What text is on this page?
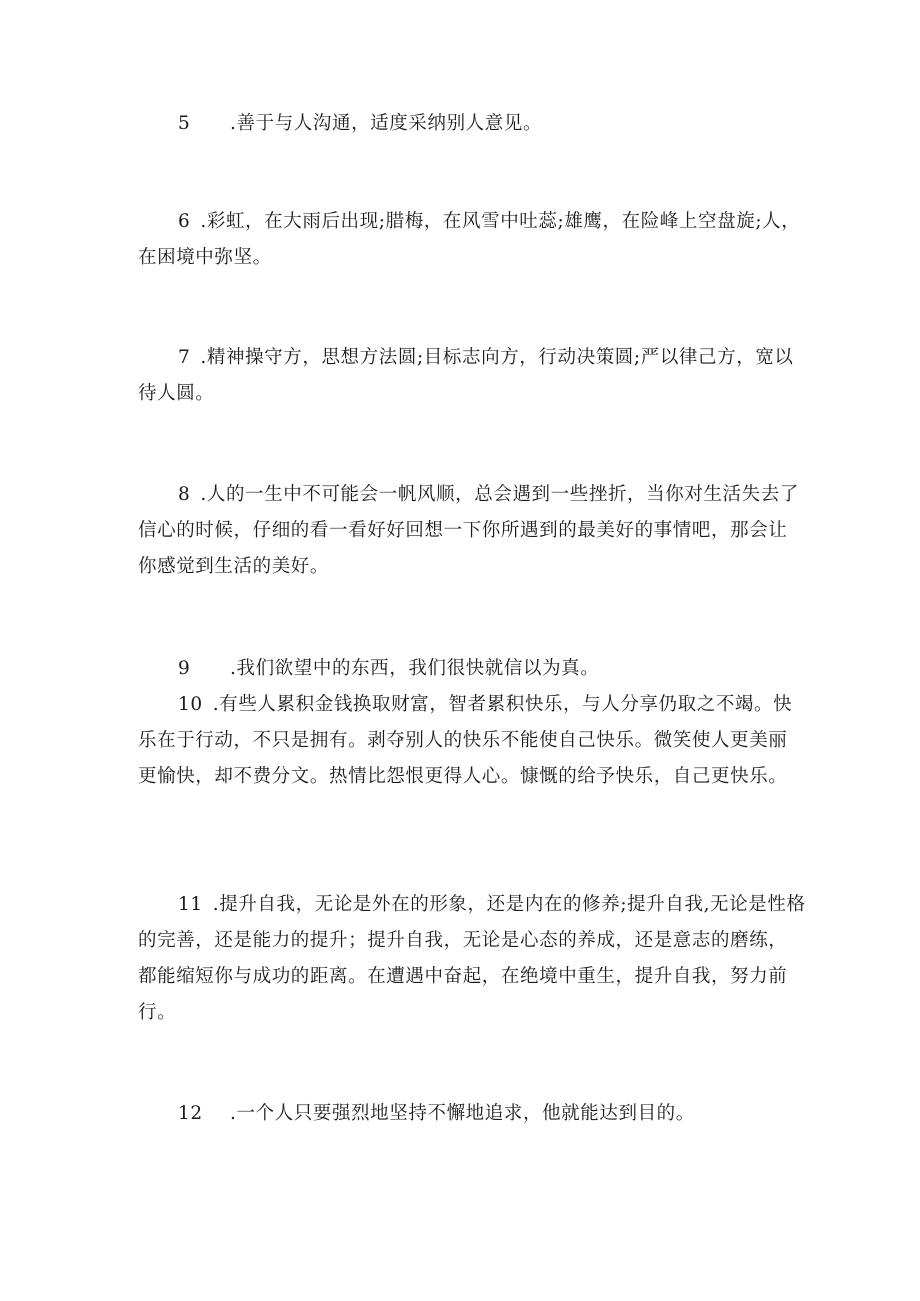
5 .善于与人沟通，适度采纳别人意见。
6 .彩虹，在大雨后出现;腊梅，在风雪中吐蕊;雄鹰，在险峰上空盘旋;人，在困境中弥坚。
7 .精神操守方，思想方法圆;目标志向方，行动决策圆;严以律己方，宽以待人圆。
8 .人的一生中不可能会一帆风顺，总会遇到一些挫折，当你对生活失去了信心的时候，仔细的看一看好好回想一下你所遇到的最美好的事情吧，那会让你感觉到生活的美好。
9 .我们欲望中的东西，我们很快就信以为真。
10 .有些人累积金钱换取财富，智者累积快乐，与人分享仍取之不竭。快乐在于行动，不只是拥有。剥夺别人的快乐不能使自己快乐。微笑使人更美丽更愉快，却不费分文。热情比怨恨更得人心。慷慨的给予快乐，自己更快乐。
11 .提升自我，无论是外在的形象，还是内在的修养;提升自我,无论是性格的完善，还是能力的提升；提升自我，无论是心态的养成，还是意志的磨练，都能缩短你与成功的距离。在遭遇中奋起，在绝境中重生，提升自我，努力前行。
12 .一个人只要强烈地坚持不懈地追求，他就能达到目的。
